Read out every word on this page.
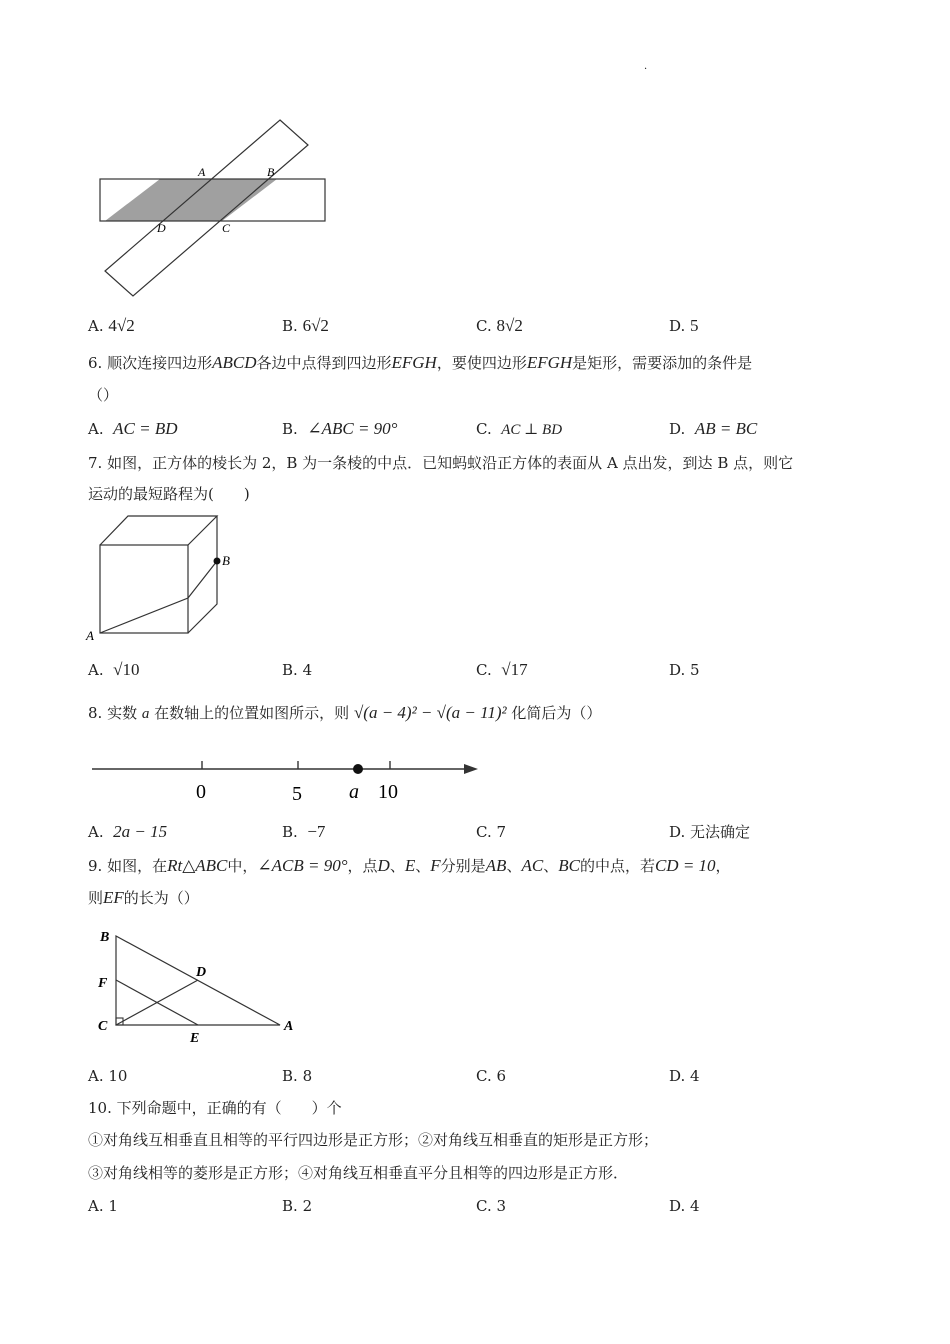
·
A	B
C
D
A. 4√2	B. 6√2	C. 8√2	D. 5
6. 顺次连接四边形ABCD各边中点得到四边形EFGH，要使四边形EFGH是矩形，需要添加的条件是
（）
A. AC = BD	B. ∠ABC = 90°	C. AC ⊥ BD	D. AB = BC
7. 如图，正方体的棱长为 2，B 为一条棱的中点．已知蚂蚁沿正方体的表面从 A 点出发，到达 B 点，则它
运动的最短路程为(　　)
B
A
A. √10	B. 4	C. √17	D. 5
8. 实数 a 在数轴上的位置如图所示，则 √(a − 4)² − √(a − 11)² 化简后为（）
0	5 a 10
A. 2a − 15	B. −7	C. 7	D. 无法确定
9. 如图，在Rt△ABC中，∠ACB = 90°，点D、E、F分别是AB、AC、BC的中点，若CD = 10，
则EF的长为（）
B
D
F
C
E
A
A. 10	B. 8	C. 6	D. 4
10. 下列命题中，正确的有（　　）个
①对角线互相垂直且相等的平行四边形是正方形；②对角线互相垂直的矩形是正方形；
③对角线相等的菱形是正方形；④对角线互相垂直平分且相等的四边形是正方形．
A. 1	B. 2	C. 3	D. 4
